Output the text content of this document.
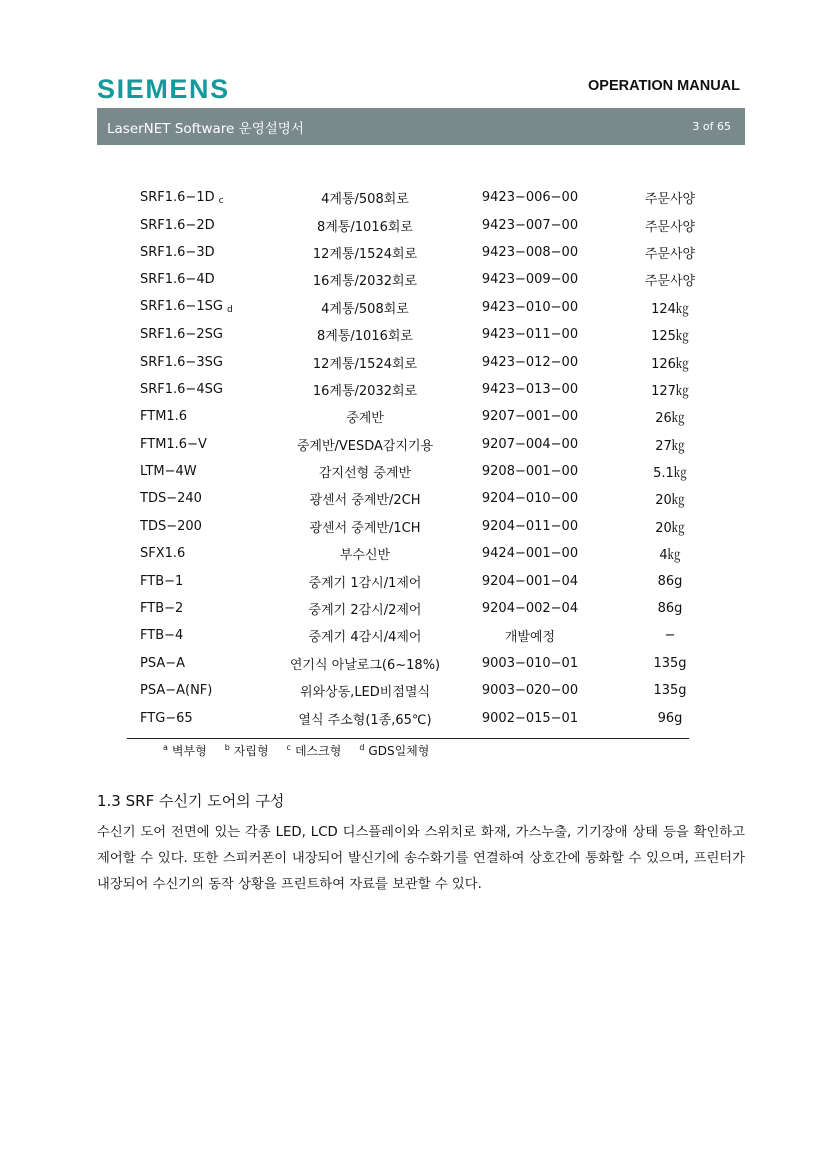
SIEMENS	OPERATION MANUAL
LaserNET Software 운영설명서	3 of 65
SRF1.6−1D $_c$	4계통/508회로	9423−006−00	주문사양
SRF1.6−2D	8계통/1016회로	9423−007−00	주문사양
SRF1.6−3D	12계통/1524회로	9423−008−00	주문사양
SRF1.6−4D	16계통/2032회로	9423−009−00	주문사양
SRF1.6−1SG $_d$	4계통/508회로	9423−010−00	124㎏
SRF1.6−2SG	8계통/1016회로	9423−011−00	125㎏
SRF1.6−3SG	12계통/1524회로	9423−012−00	126㎏
SRF1.6−4SG	16계통/2032회로	9423−013−00	127㎏
FTM1.6	중계반	9207−001−00	26㎏
FTM1.6−V	중계반/VESDA감지기용	9207−004−00	27㎏
LTM−4W	감지선형 중계반	9208−001−00	5.1㎏
TDS−240	광센서 중계반/2CH	9204−010−00	20㎏
TDS−200	광센서 중계반/1CH	9204−011−00	20㎏
SFX1.6	부수신반	9424−001−00	4㎏
FTB−1	중계기 1감시/1제어	9204−001−04	86g
FTB−2	중계기 2감시/2제어	9204−002−04	86g
FTB−4	중계기 4감시/4제어	개발예정	−
PSA−A	연기식 아날로그(6~18%)	9003−010−01	135g
PSA−A(NF)	위와상동,LED비점멸식	9003−020−00	135g
FTG−65	열식 주소형(1종,65℃)	9002−015−01	96g
$^a$ 벽부형 $^b$ 자립형 $^c$ 데스크형 $^d$ GDS일체형
1.3 SRF 수신기 도어의 구성

수신기 도어 전면에 있는 각종 LED, LCD 디스플레이와 스위치로 화재, 가스누출, 기기장애 상태 등을 확인하고 제어할 수 있다. 또한 스피커폰이 내장되어 발신기에 송수화기를 연결하여 상호간에 통화할 수 있으며, 프린터가 내장되어 수신기의 동작 상황을 프린트하여 자료를 보관할 수 있다.
